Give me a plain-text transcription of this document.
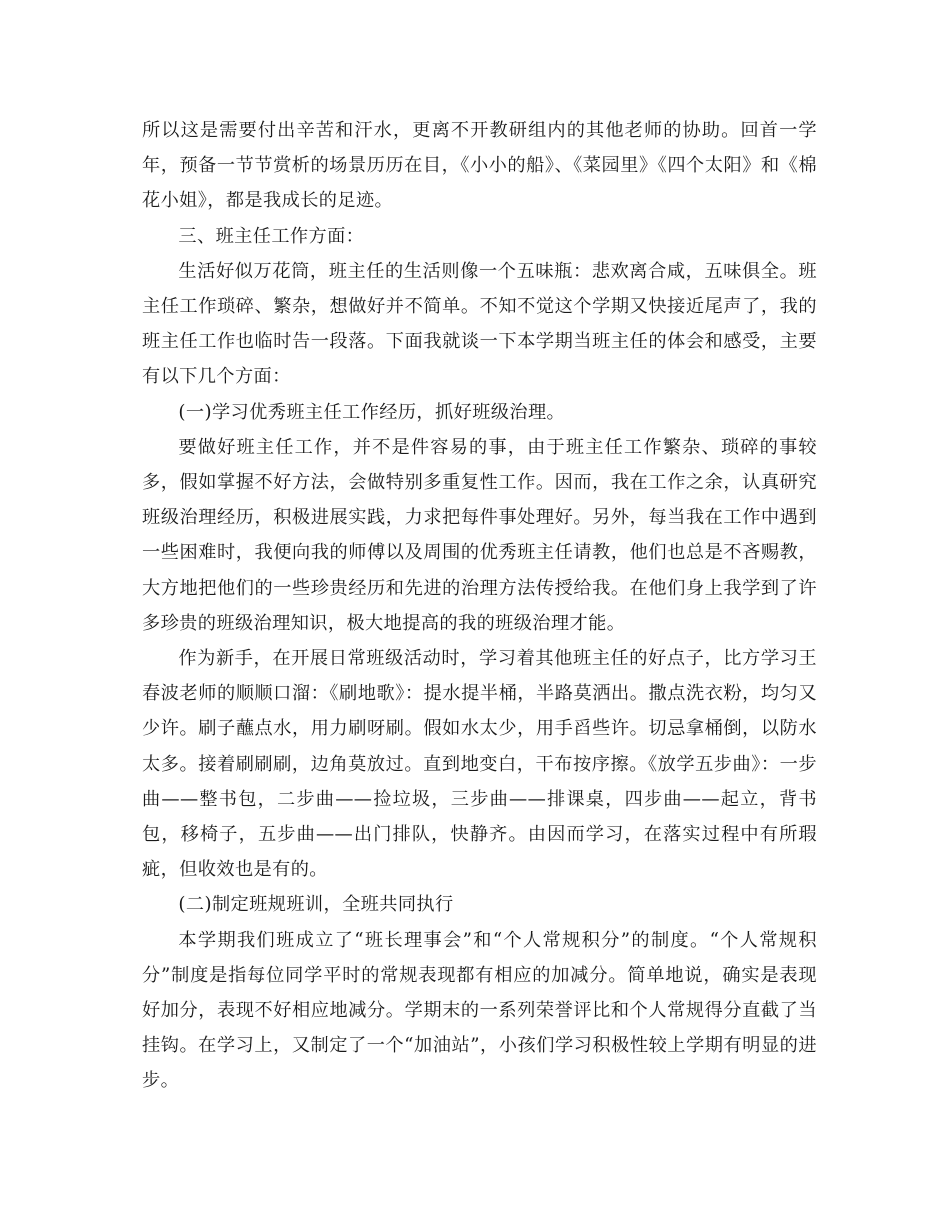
所以这是需要付出辛苦和汗水，更离不开教研组内的其他老师的协助。回首一学年，预备一节节赏析的场景历历在目，《小小的船》、《菜园里》《四个太阳》和《棉花小姐》，都是我成长的足迹。

三、班主任工作方面：

生活好似万花筒，班主任的生活则像一个五味瓶：悲欢离合咸，五味俱全。班主任工作琐碎、繁杂，想做好并不简单。不知不觉这个学期又快接近尾声了，我的班主任工作也临时告一段落。下面我就谈一下本学期当班主任的体会和感受，主要有以下几个方面：

(一)学习优秀班主任工作经历，抓好班级治理。

要做好班主任工作，并不是件容易的事，由于班主任工作繁杂、琐碎的事较多，假如掌握不好方法，会做特别多重复性工作。因而，我在工作之余，认真研究班级治理经历，积极进展实践，力求把每件事处理好。另外，每当我在工作中遇到一些困难时，我便向我的师傅以及周围的优秀班主任请教，他们也总是不吝赐教，大方地把他们的一些珍贵经历和先进的治理方法传授给我。在他们身上我学到了许多珍贵的班级治理知识，极大地提高的我的班级治理才能。

作为新手，在开展日常班级活动时，学习着其他班主任的好点子，比方学习王春波老师的顺顺口溜：《刷地歌》：提水提半桶，半路莫洒出。撒点洗衣粉，均匀又少许。刷子蘸点水，用力刷呀刷。假如水太少，用手舀些许。切忌拿桶倒，以防水太多。接着刷刷刷，边角莫放过。直到地变白，干布按序擦。《放学五步曲》：一步曲——整书包，二步曲——捡垃圾，三步曲——排课桌，四步曲——起立，背书包，移椅子，五步曲——出门排队，快静齐。由因而学习，在落实过程中有所瑕疵，但收效也是有的。

(二)制定班规班训，全班共同执行

本学期我们班成立了“班长理事会”和“个人常规积分”的制度。“个人常规积分”制度是指每位同学平时的常规表现都有相应的加减分。简单地说，确实是表现好加分，表现不好相应地减分。学期末的一系列荣誉评比和个人常规得分直截了当挂钩。在学习上，又制定了一个“加油站”，小孩们学习积极性较上学期有明显的进步。
